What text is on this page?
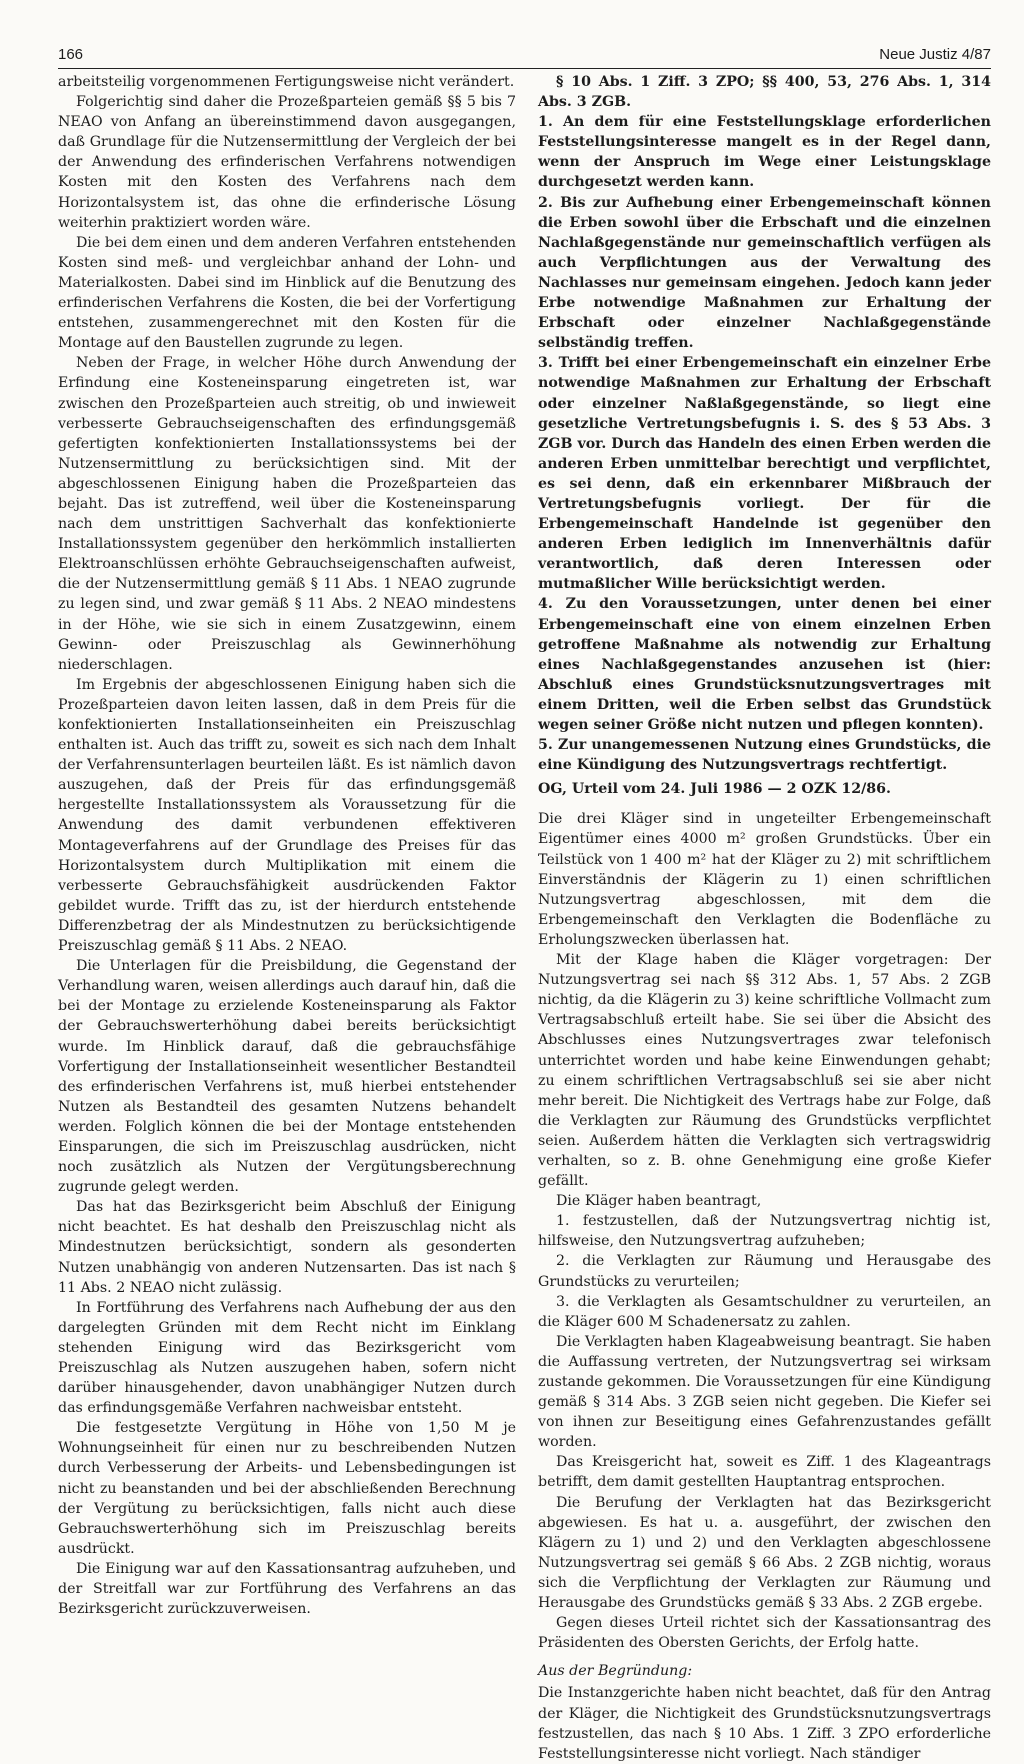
166	Neue Justiz 4/87

arbeitsteilig vorgenommenen Fertigungsweise nicht verändert.

Folgerichtig sind daher die Prozeßparteien gemäß §§ 5 bis 7 NEAO von Anfang an übereinstimmend davon ausgegangen, daß Grundlage für die Nutzensermittlung der Vergleich der bei der Anwendung des erfinderischen Verfahrens notwendigen Kosten mit den Kosten des Verfahrens nach dem Horizontalsystem ist, das ohne die erfinderische Lösung weiterhin praktiziert worden wäre.

Die bei dem einen und dem anderen Verfahren entstehenden Kosten sind meß- und vergleichbar anhand der Lohn- und Materialkosten. Dabei sind im Hinblick auf die Benutzung des erfinderischen Verfahrens die Kosten, die bei der Vorfertigung entstehen, zusammengerechnet mit den Kosten für die Montage auf den Baustellen zugrunde zu legen.

Neben der Frage, in welcher Höhe durch Anwendung der Erfindung eine Kosteneinsparung eingetreten ist, war zwischen den Prozeßparteien auch streitig, ob und inwieweit verbesserte Gebrauchseigenschaften des erfindungsgemäß gefertigten konfektionierten Installationssystems bei der Nutzensermittlung zu berücksichtigen sind. Mit der abgeschlossenen Einigung haben die Prozeßparteien das bejaht. Das ist zutreffend, weil über die Kosteneinsparung nach dem unstrittigen Sachverhalt das konfektionierte Installationssystem gegenüber den herkömmlich installierten Elektroanschlüssen erhöhte Gebrauchseigenschaften aufweist, die der Nutzensermittlung gemäß § 11 Abs. 1 NEAO zugrunde zu legen sind, und zwar gemäß § 11 Abs. 2 NEAO mindestens in der Höhe, wie sie sich in einem Zusatzgewinn, einem Gewinn- oder Preiszuschlag als Gewinnerhöhung niederschlagen.

Im Ergebnis der abgeschlossenen Einigung haben sich die Prozeßparteien davon leiten lassen, daß in dem Preis für die konfektionierten Installationseinheiten ein Preiszuschlag enthalten ist. Auch das trifft zu, soweit es sich nach dem Inhalt der Verfahrensunterlagen beurteilen läßt. Es ist nämlich davon auszugehen, daß der Preis für das erfindungsgemäß hergestellte Installationssystem als Voraussetzung für die Anwendung des damit verbundenen effektiveren Montageverfahrens auf der Grundlage des Preises für das Horizontalsystem durch Multiplikation mit einem die verbesserte Gebrauchsfähigkeit ausdrückenden Faktor gebildet wurde. Trifft das zu, ist der hierdurch entstehende Differenzbetrag der als Mindestnutzen zu berücksichtigende Preiszuschlag gemäß § 11 Abs. 2 NEAO.

Die Unterlagen für die Preisbildung, die Gegenstand der Verhandlung waren, weisen allerdings auch darauf hin, daß die bei der Montage zu erzielende Kosteneinsparung als Faktor der Gebrauchswerterhöhung dabei bereits berücksichtigt wurde. Im Hinblick darauf, daß die gebrauchsfähige Vorfertigung der Installationseinheit wesentlicher Bestandteil des erfinderischen Verfahrens ist, muß hierbei entstehender Nutzen als Bestandteil des gesamten Nutzens behandelt werden. Folglich können die bei der Montage entstehenden Einsparungen, die sich im Preiszuschlag ausdrücken, nicht noch zusätzlich als Nutzen der Vergütungsberechnung zugrunde gelegt werden.

Das hat das Bezirksgericht beim Abschluß der Einigung nicht beachtet. Es hat deshalb den Preiszuschlag nicht als Mindestnutzen berücksichtigt, sondern als gesonderten Nutzen unabhängig von anderen Nutzensarten. Das ist nach § 11 Abs. 2 NEAO nicht zulässig.

In Fortführung des Verfahrens nach Aufhebung der aus den dargelegten Gründen mit dem Recht nicht im Einklang stehenden Einigung wird das Bezirksgericht vom Preiszuschlag als Nutzen auszugehen haben, sofern nicht darüber hinausgehender, davon unabhängiger Nutzen durch das erfindungsgemäße Verfahren nachweisbar entsteht.

Die festgesetzte Vergütung in Höhe von 1,50 M je Wohnungseinheit für einen nur zu beschreibenden Nutzen durch Verbesserung der Arbeits- und Lebensbedingungen ist nicht zu beanstanden und bei der abschließenden Berechnung der Vergütung zu berücksichtigen, falls nicht auch diese Gebrauchswerterhöhung sich im Preiszuschlag bereits ausdrückt.

Die Einigung war auf den Kassationsantrag aufzuheben, und der Streitfall war zur Fortführung des Verfahrens an das Bezirksgericht zurückzuverweisen.

§ 10 Abs. 1 Ziff. 3 ZPO; §§ 400, 53, 276 Abs. 1, 314 Abs. 3 ZGB.

1. An dem für eine Feststellungsklage erforderlichen Feststellungsinteresse mangelt es in der Regel dann, wenn der Anspruch im Wege einer Leistungsklage durchgesetzt werden kann.

2. Bis zur Aufhebung einer Erbengemeinschaft können die Erben sowohl über die Erbschaft und die einzelnen Nachlaßgegenstände nur gemeinschaftlich verfügen als auch Verpflichtungen aus der Verwaltung des Nachlasses nur gemeinsam eingehen. Jedoch kann jeder Erbe notwendige Maßnahmen zur Erhaltung der Erbschaft oder einzelner Nachlaßgegenstände selbständig treffen.

3. Trifft bei einer Erbengemeinschaft ein einzelner Erbe notwendige Maßnahmen zur Erhaltung der Erbschaft oder einzelner Naßlaßgegenstände, so liegt eine gesetzliche Vertretungsbefugnis i. S. des § 53 Abs. 3 ZGB vor. Durch das Handeln des einen Erben werden die anderen Erben unmittelbar berechtigt und verpflichtet, es sei denn, daß ein erkennbarer Mißbrauch der Vertretungsbefugnis vorliegt. Der für die Erbengemeinschaft Handelnde ist gegenüber den anderen Erben lediglich im Innenverhältnis dafür verantwortlich, daß deren Interessen oder mutmaßlicher Wille berücksichtigt werden.

4. Zu den Voraussetzungen, unter denen bei einer Erbengemeinschaft eine von einem einzelnen Erben getroffene Maßnahme als notwendig zur Erhaltung eines Nachlaßgegenstandes anzusehen ist (hier: Abschluß eines Grundstücksnutzungsvertrages mit einem Dritten, weil die Erben selbst das Grundstück wegen seiner Größe nicht nutzen und pflegen konnten).

5. Zur unangemessenen Nutzung eines Grundstücks, die eine Kündigung des Nutzungsvertrags rechtfertigt.

OG, Urteil vom 24. Juli 1986 — 2 OZK 12/86.

Die drei Kläger sind in ungeteilter Erbengemeinschaft Eigentümer eines 4000 m² großen Grundstücks. Über ein Teilstück von 1 400 m² hat der Kläger zu 2) mit schriftlichem Einverständnis der Klägerin zu 1) einen schriftlichen Nutzungsvertrag abgeschlossen, mit dem die Erbengemeinschaft den Verklagten die Bodenfläche zu Erholungszwecken überlassen hat.

Mit der Klage haben die Kläger vorgetragen: Der Nutzungsvertrag sei nach §§ 312 Abs. 1, 57 Abs. 2 ZGB nichtig, da die Klägerin zu 3) keine schriftliche Vollmacht zum Vertragsabschluß erteilt habe. Sie sei über die Absicht des Abschlusses eines Nutzungsvertrages zwar telefonisch unterrichtet worden und habe keine Einwendungen gehabt; zu einem schriftlichen Vertragsabschluß sei sie aber nicht mehr bereit. Die Nichtigkeit des Vertrags habe zur Folge, daß die Verklagten zur Räumung des Grundstücks verpflichtet seien. Außerdem hätten die Verklagten sich vertragswidrig verhalten, so z. B. ohne Genehmigung eine große Kiefer gefällt.

Die Kläger haben beantragt,

1. festzustellen, daß der Nutzungsvertrag nichtig ist, hilfsweise, den Nutzungsvertrag aufzuheben;

2. die Verklagten zur Räumung und Herausgabe des Grundstücks zu verurteilen;

3. die Verklagten als Gesamtschuldner zu verurteilen, an die Kläger 600 M Schadenersatz zu zahlen.

Die Verklagten haben Klageabweisung beantragt. Sie haben die Auffassung vertreten, der Nutzungsvertrag sei wirksam zustande gekommen. Die Voraussetzungen für eine Kündigung gemäß § 314 Abs. 3 ZGB seien nicht gegeben. Die Kiefer sei von ihnen zur Beseitigung eines Gefahrenzustandes gefällt worden.

Das Kreisgericht hat, soweit es Ziff. 1 des Klageantrags betrifft, dem damit gestellten Hauptantrag entsprochen.

Die Berufung der Verklagten hat das Bezirksgericht abgewiesen. Es hat u. a. ausgeführt, der zwischen den Klägern zu 1) und 2) und den Verklagten abgeschlossene Nutzungsvertrag sei gemäß § 66 Abs. 2 ZGB nichtig, woraus sich die Verpflichtung der Verklagten zur Räumung und Herausgabe des Grundstücks gemäß § 33 Abs. 2 ZGB ergebe.

Gegen dieses Urteil richtet sich der Kassationsantrag des Präsidenten des Obersten Gerichts, der Erfolg hatte.

Aus der Begründung:

Die Instanzgerichte haben nicht beachtet, daß für den Antrag der Kläger, die Nichtigkeit des Grundstücksnutzungsvertrags festzustellen, das nach § 10 Abs. 1 Ziff. 3 ZPO erforderliche Feststellungsinteresse nicht vorliegt. Nach ständiger
